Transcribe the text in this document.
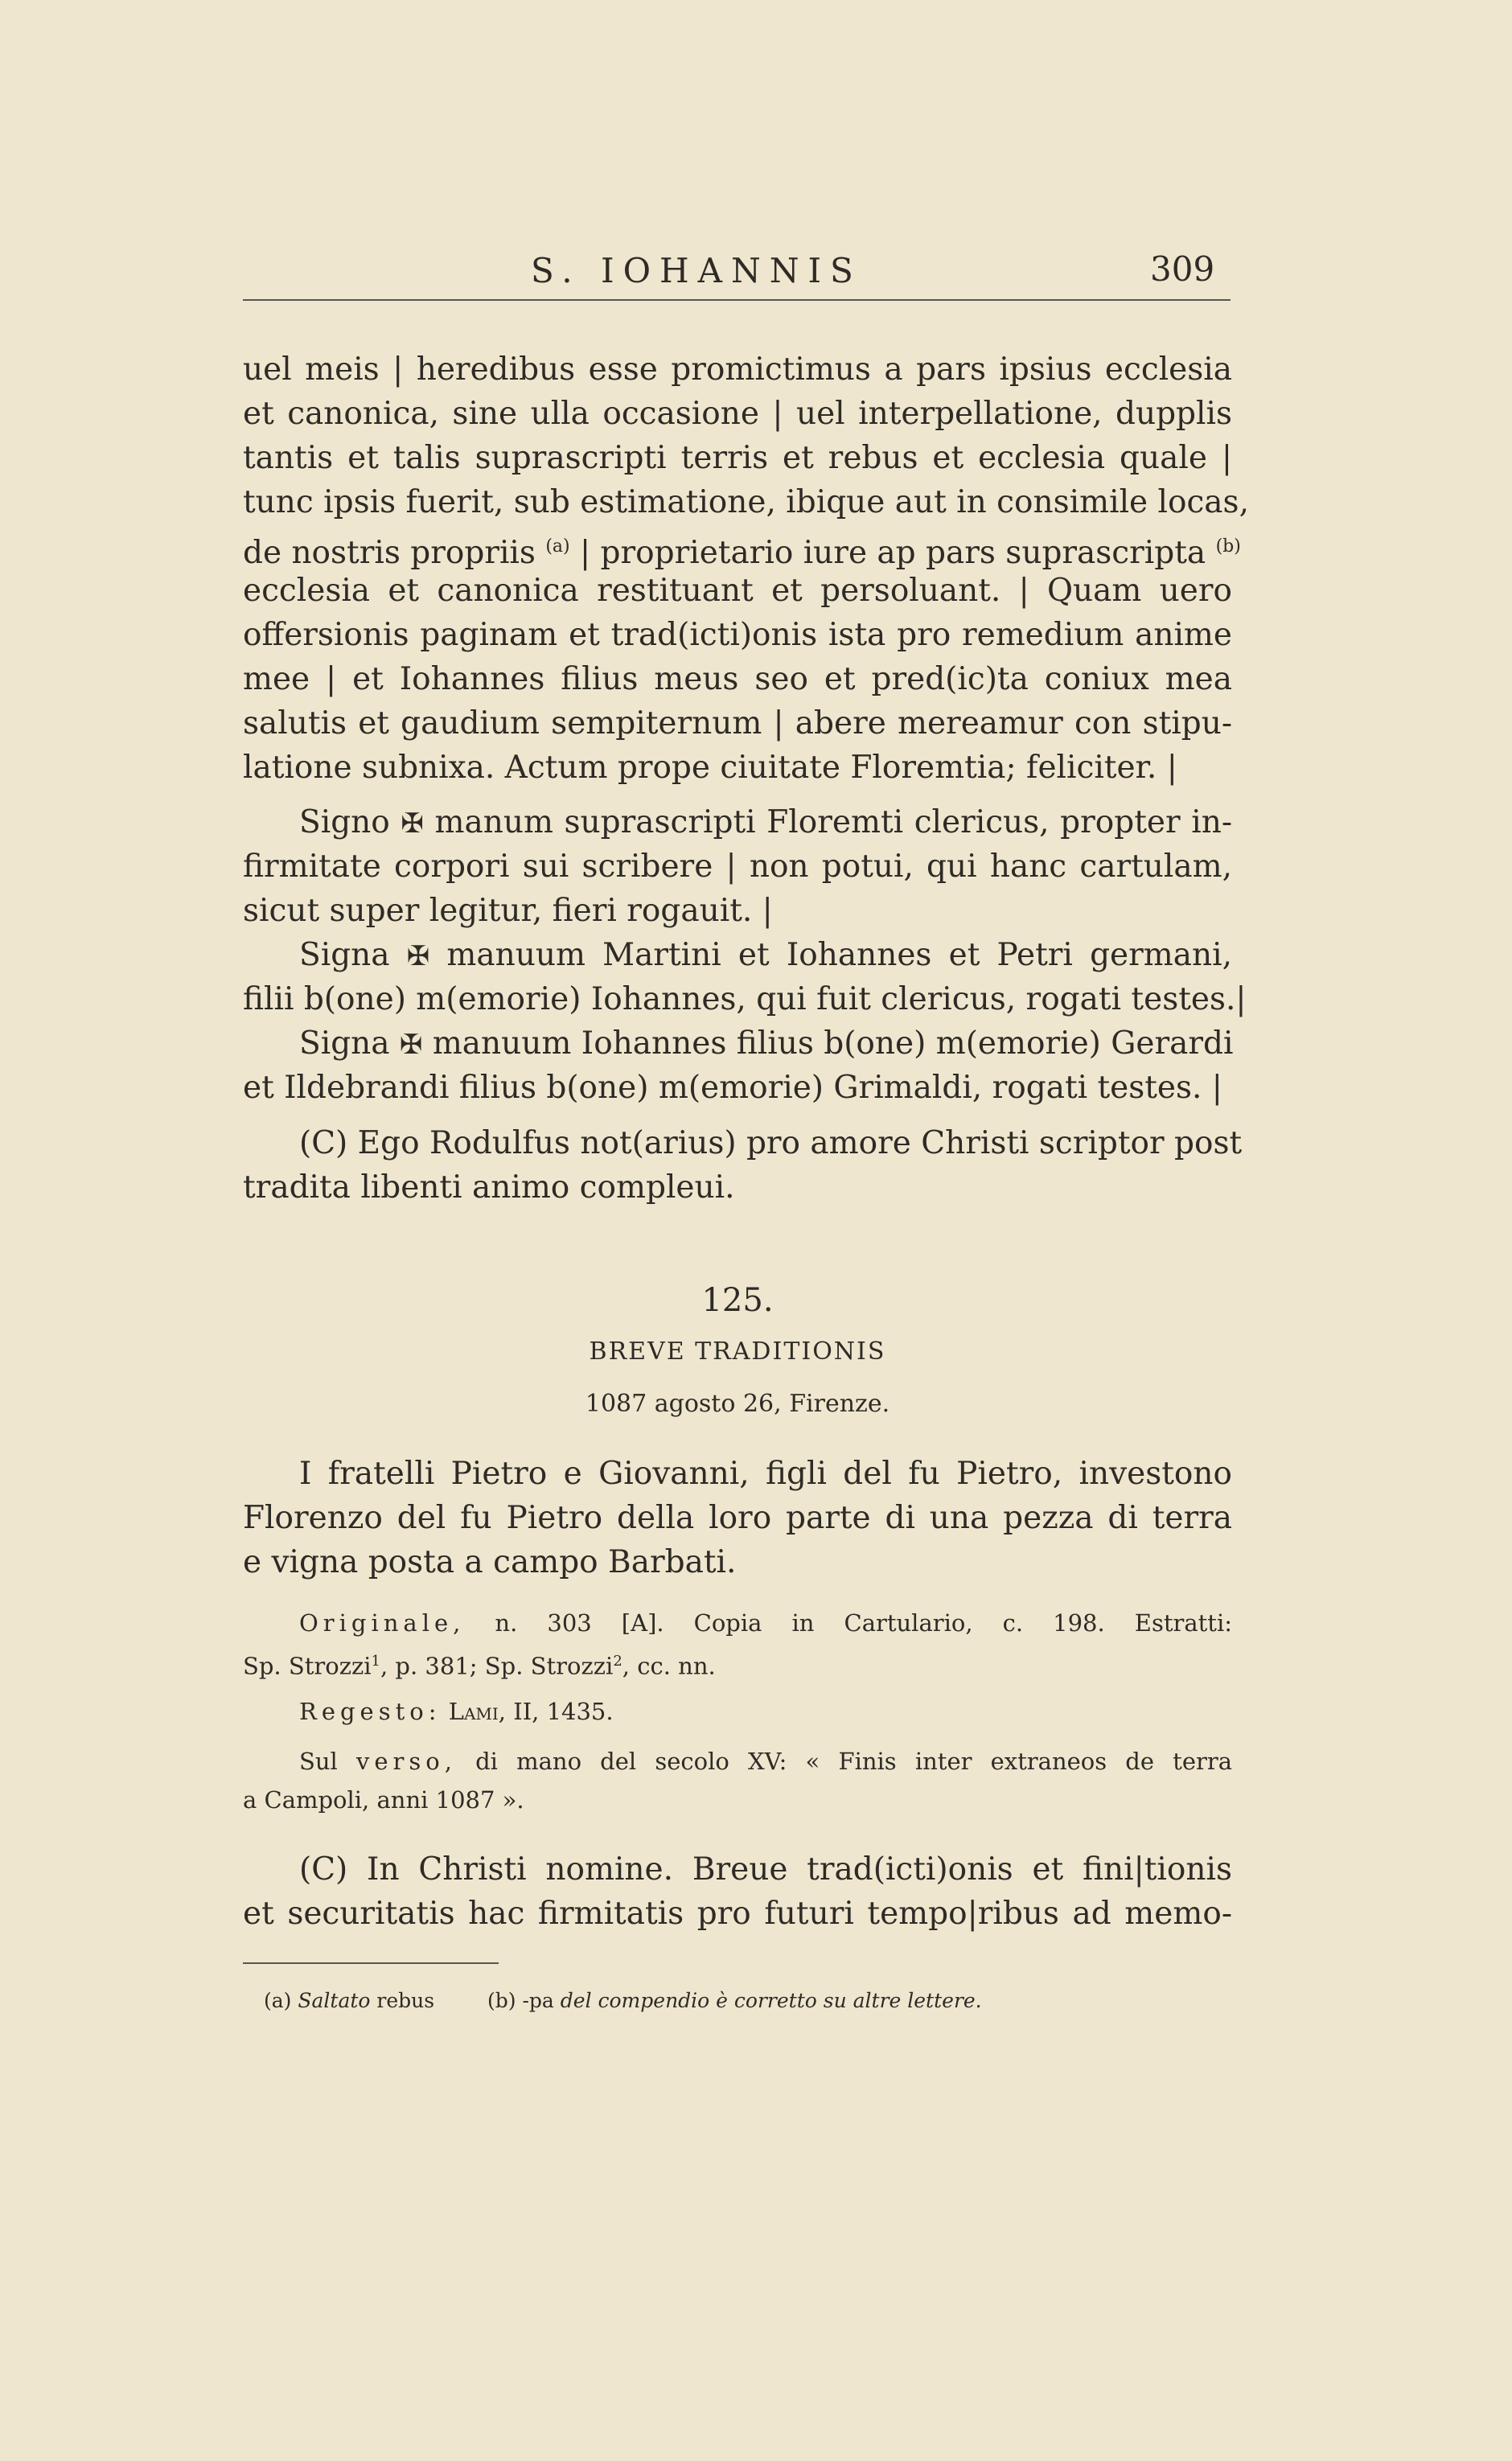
S. IOHANNIS	309
uel meis | heredibus esse promictimus a pars ipsius ecclesia
et canonica, sine ulla occasione | uel interpellatione, dupplis
tantis et talis suprascripti terris et rebus et ecclesia quale |
tunc ipsis fuerit, sub estimatione, ibique aut in consimile locas,
de nostris propriis $^{(a)}$ | proprietario iure ap pars suprascripta $^{(b)}$
ecclesia et canonica restituant et persoluant. | Quam uero
offersionis paginam et trad(icti)onis ista pro remedium anime
mee | et Iohannes filius meus seo et pred(ic)ta coniux mea
salutis et gaudium sempiternum | abere mereamur con stipu-
latione subnixa. Actum prope ciuitate Floremtia; feliciter. |
Signo ✠ manum suprascripti Floremti clericus, propter in-
firmitate corpori sui scribere | non potui, qui hanc cartulam,
sicut super legitur, fieri rogauit. |
Signa ✠ manuum Martini et Iohannes et Petri germani,
filii b(one) m(emorie) Iohannes, qui fuit clericus, rogati testes.|
Signa ✠ manuum Iohannes filius b(one) m(emorie) Gerardi
et Ildebrandi filius b(one) m(emorie) Grimaldi, rogati testes. |
(C) Ego Rodulfus not(arius) pro amore Christi scriptor post
tradita libenti animo compleui.
125.
BREVE TRADITIONIS
1087 agosto 26, Firenze.
I fratelli Pietro e Giovanni, figli del fu Pietro, investono
Florenzo del fu Pietro della loro parte di una pezza di terra
e vigna posta a campo Barbati.
Originale, n. 303 [A]. Copia in Cartulario, c. 198. Estratti:
Sp. Strozzi$^1$, p. 381; Sp. Strozzi$^2$, cc. nn.
Regesto: Lami, II, 1435.
Sul verso, di mano del secolo XV: « Finis inter extraneos de terra
a Campoli, anni 1087 ».
(C) In Christi nomine. Breue trad(icti)onis et fini|tionis
et securitatis hac firmitatis pro futuri tempo|ribus ad memo-
(a) Saltato rebus	(b) -pa del compendio è corretto su altre lettere.
